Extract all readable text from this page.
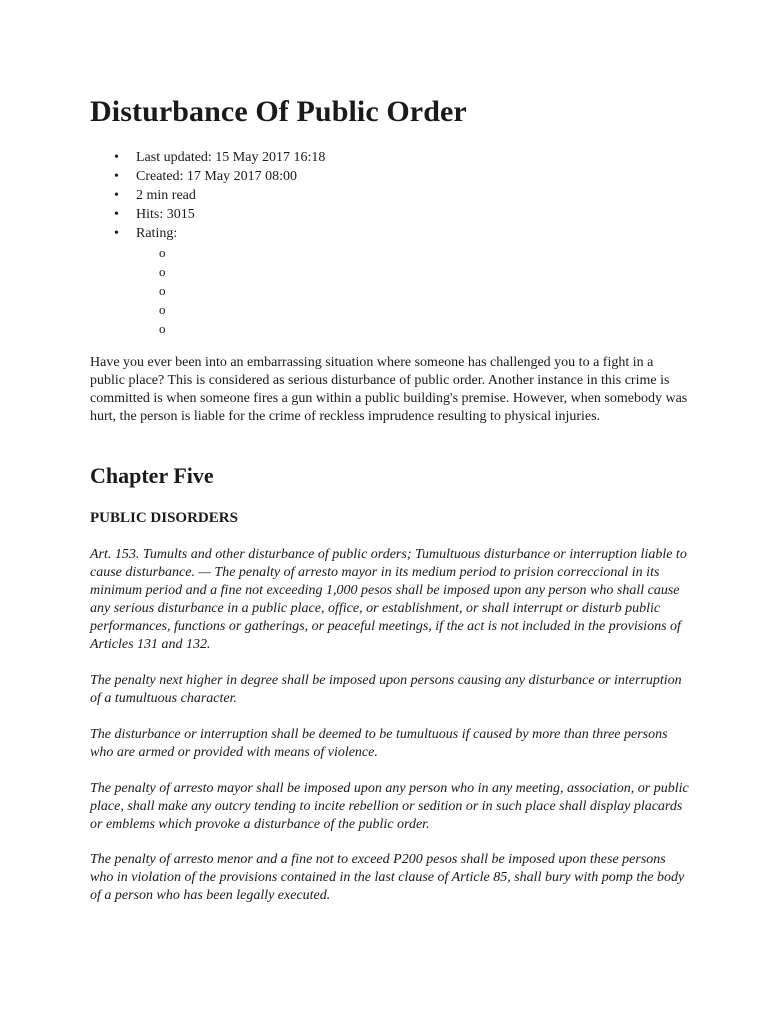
Disturbance Of Public Order
• Last updated: 15 May 2017 16:18
• Created: 17 May 2017 08:00
• 2 min read
• Hits: 3015
• Rating:
o
o
o
o
o

Have you ever been into an embarrassing situation where someone has challenged you to a fight in a public place? This is considered as serious disturbance of public order. Another instance in this crime is committed is when someone fires a gun within a public building's premise. However, when somebody was hurt, the person is liable for the crime of reckless imprudence resulting to physical injuries.

Chapter Five
PUBLIC DISORDERS

Art. 153. Tumults and other disturbance of public orders; Tumultuous disturbance or interruption liable to cause disturbance. — The penalty of arresto mayor in its medium period to prision correccional in its minimum period and a fine not exceeding 1,000 pesos shall be imposed upon any person who shall cause any serious disturbance in a public place, office, or establishment, or shall interrupt or disturb public performances, functions or gatherings, or peaceful meetings, if the act is not included in the provisions of Articles 131 and 132.

The penalty next higher in degree shall be imposed upon persons causing any disturbance or interruption of a tumultuous character.

The disturbance or interruption shall be deemed to be tumultuous if caused by more than three persons who are armed or provided with means of violence.

The penalty of arresto mayor shall be imposed upon any person who in any meeting, association, or public place, shall make any outcry tending to incite rebellion or sedition or in such place shall display placards or emblems which provoke a disturbance of the public order.

The penalty of arresto menor and a fine not to exceed P200 pesos shall be imposed upon these persons who in violation of the provisions contained in the last clause of Article 85, shall bury with pomp the body of a person who has been legally executed.
